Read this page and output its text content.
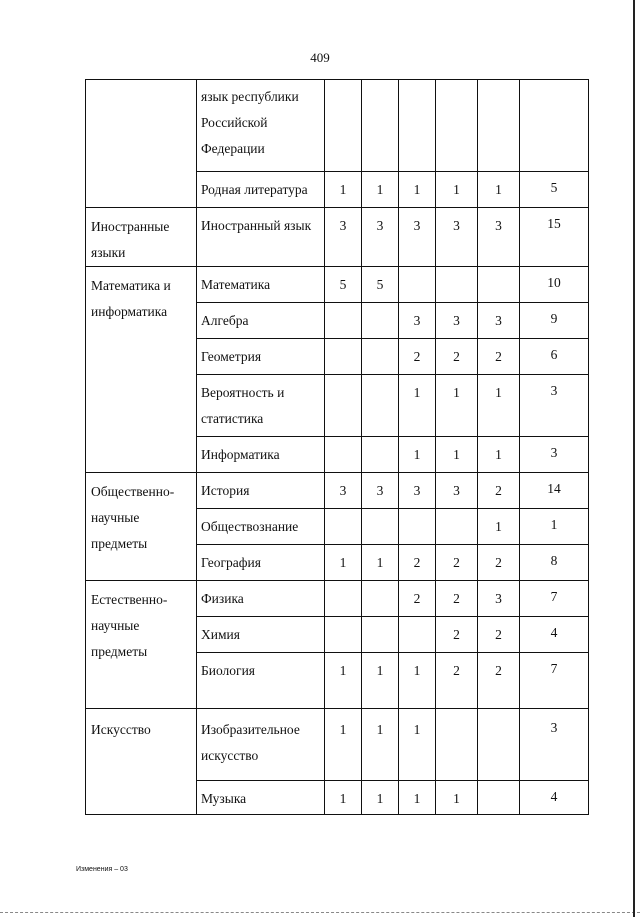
409
	язык республики Российской Федерации						
	Родная литература	1	1	1	1	1	5
Иностранные языки	Иностранный язык	3	3	3	3	3	15
Математика и информатика	Математика	5	5				10
	Алгебра			3	3	3	9
	Геометрия			2	2	2	6
	Вероятность и статистика			1	1	1	3
	Информатика			1	1	1	3
Общественно-научные предметы	История	3	3	3	3	2	14
	Обществознание					1	1
	География	1	1	2	2	2	8
Естественно-научные предметы	Физика			2	2	3	7
	Химия				2	2	4
	Биология	1	1	1	2	2	7
Искусство	Изобразительное искусство	1	1	1			3
	Музыка	1	1	1	1		4
Изменения – 03
